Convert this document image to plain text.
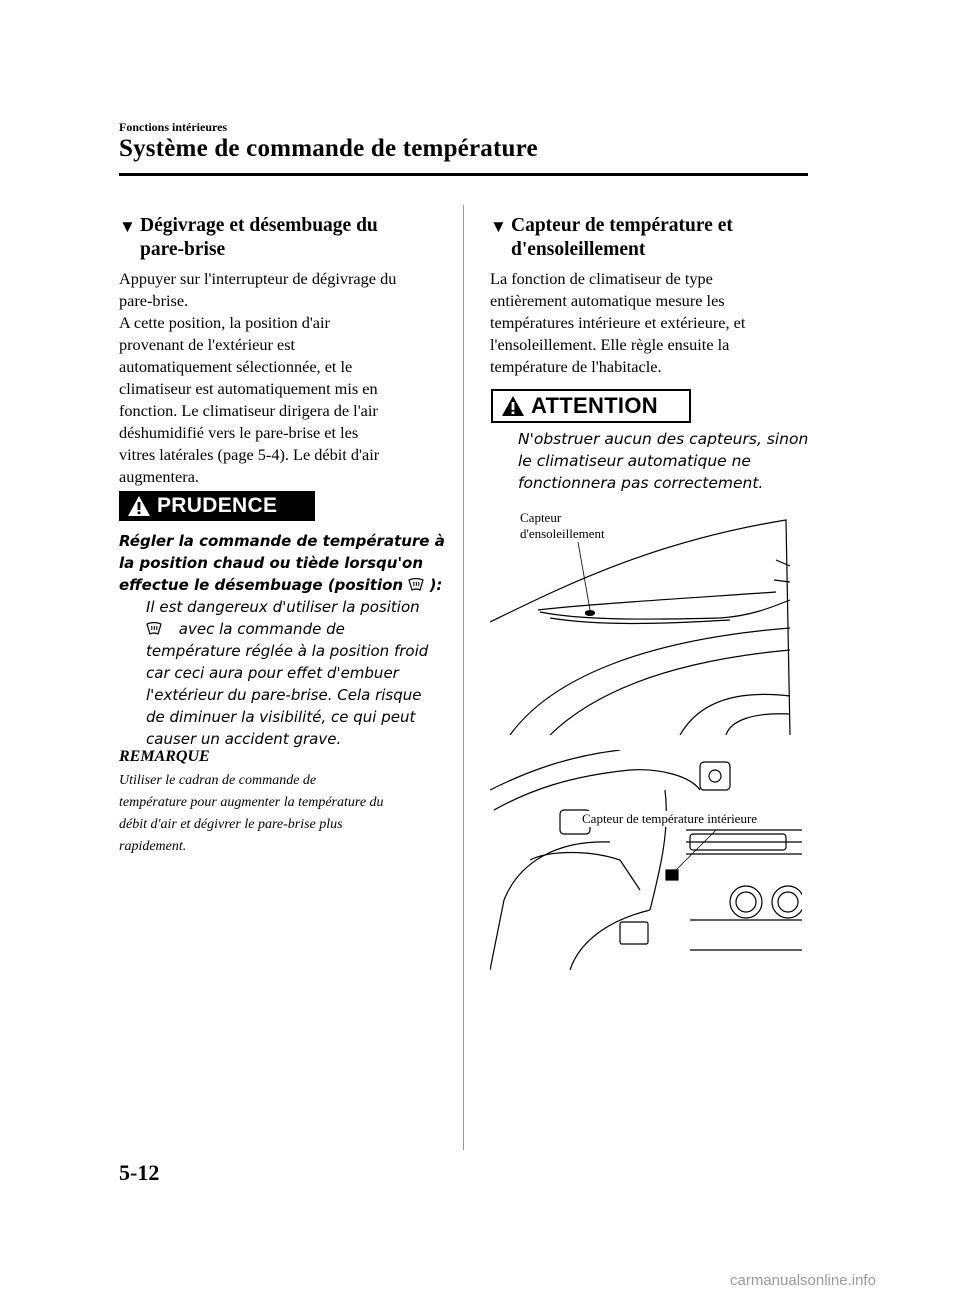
Fonctions intérieures
Système de commande de température
▼ Dégivrage et désembuage du
pare-brise
Appuyer sur l'interrupteur de dégivrage du
pare-brise.
A cette position, la position d'air
provenant de l'extérieur est
automatiquement sélectionnée, et le
climatiseur est automatiquement mis en
fonction. Le climatiseur dirigera de l'air
déshumidifié vers le pare-brise et les
vitres latérales (page 5-4). Le débit d'air
augmentera.
PRUDENCE
Régler la commande de température à
la position chaud ou tiède lorsqu'on
effectue le désembuage (position ):
Il est dangereux d'utiliser la position
avec la commande de
température réglée à la position froid
car ceci aura pour effet d'embuer
l'extérieur du pare-brise. Cela risque
de diminuer la visibilité, ce qui peut
causer un accident grave.
REMARQUE
Utiliser le cadran de commande de
température pour augmenter la température du
débit d'air et dégivrer le pare-brise plus
rapidement.
▼ Capteur de température et
d'ensoleillement
La fonction de climatiseur de type
entièrement automatique mesure les
températures intérieure et extérieure, et
l'ensoleillement. Elle règle ensuite la
température de l'habitacle.
ATTENTION
N'obstruer aucun des capteurs, sinon
le climatiseur automatique ne
fonctionnera pas correctement.
Capteur
d'ensoleillement
Capteur de température intérieure
5-12
carmanualsonline.info
